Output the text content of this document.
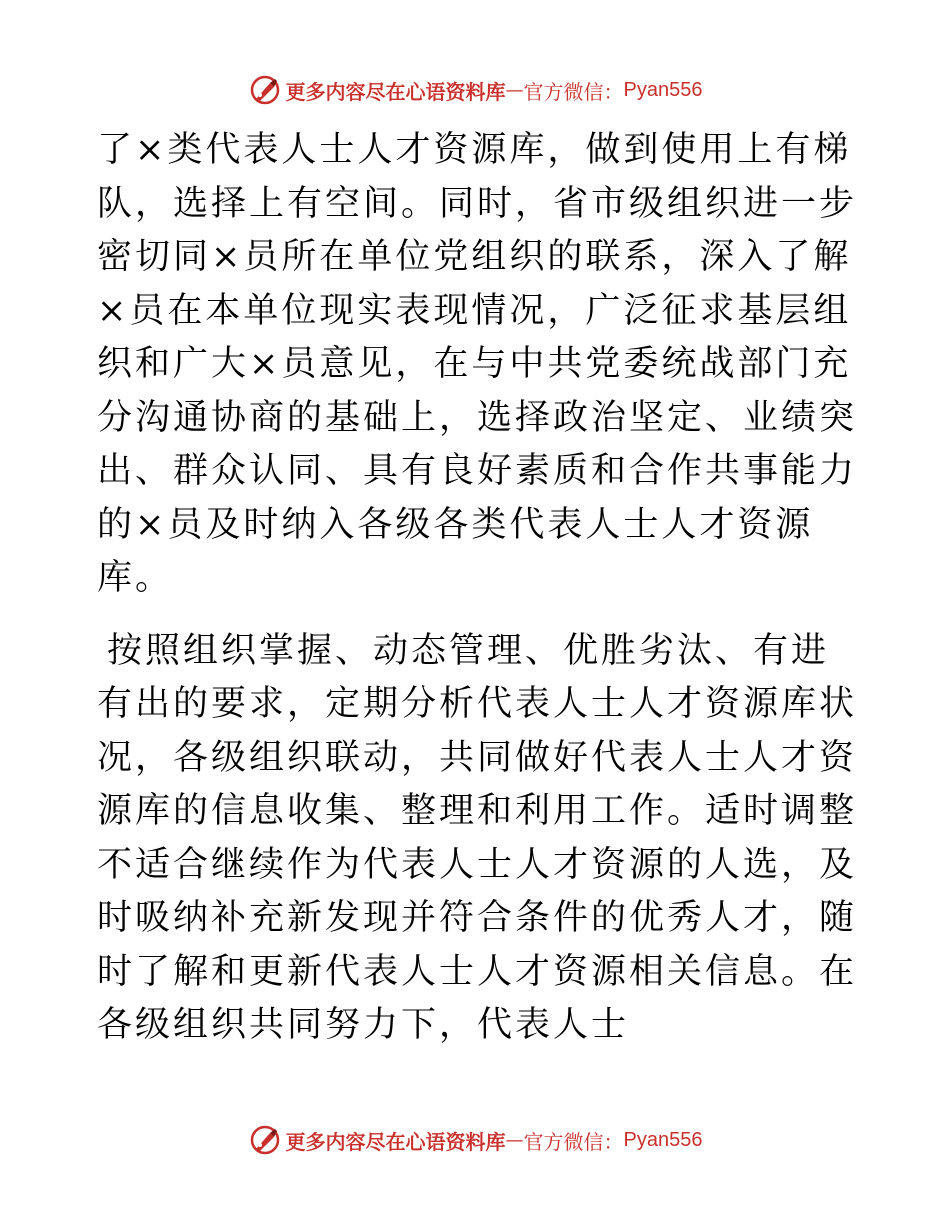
更多内容尽在心语资料库 — 官方微信： Pyan556

了×类代表人士人才资源库，做到使用上有梯队，选择上有空间。同时，省市级组织进一步密切同×员所在单位党组织的联系，深入了解×员在本单位现实表现情况，广泛征求基层组织和广大×员意见，在与中共党委统战部门充分沟通协商的基础上，选择政治坚定、业绩突出、群众认同、具有良好素质和合作共事能力的×员及时纳入各级各类代表人士人才资源库。

按照组织掌握、动态管理、优胜劣汰、有进有出的要求，定期分析代表人士人才资源库状况，各级组织联动，共同做好代表人士人才资源库的信息收集、整理和利用工作。适时调整不适合继续作为代表人士人才资源的人选，及时吸纳补充新发现并符合条件的优秀人才，随时了解和更新代表人士人才资源相关信息。在各级组织共同努力下，代表人士

更多内容尽在心语资料库 — 官方微信： Pyan556
